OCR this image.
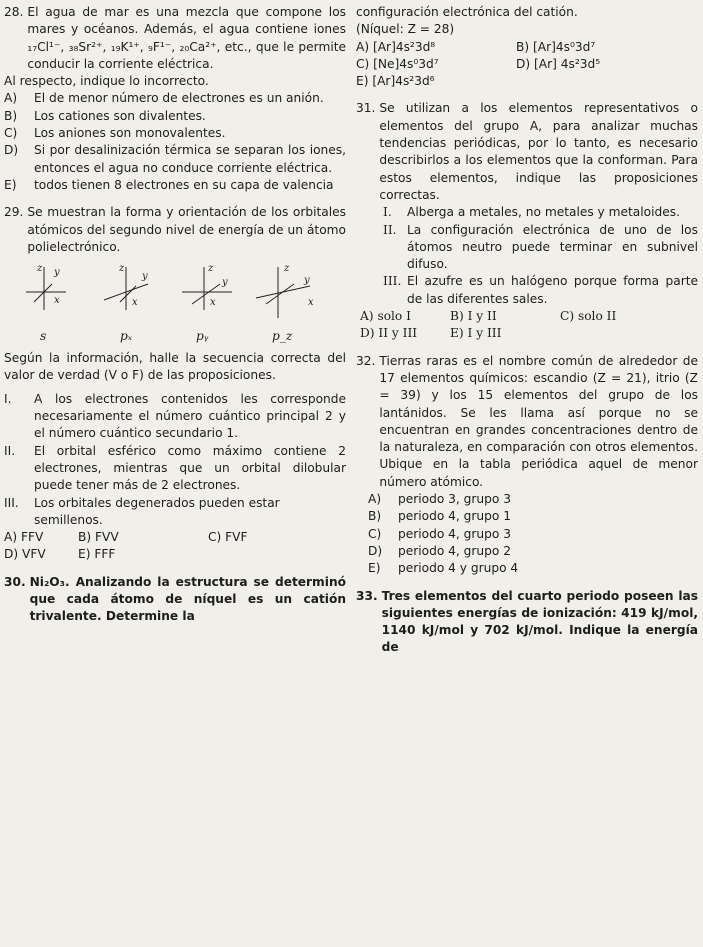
28. El agua de mar es una mezcla que compone los mares y océanos. Además, el agua contiene iones ₁₇Cl¹⁻, ₃₈Sr²⁺, ₁₉K¹⁺, ₉F¹⁻, ₂₀Ca²⁺, etc., que le permite conducir la corriente eléctrica.

Al respecto, indique lo incorrecto.

A)	El de menor número de electrones es un anión.
B)	Los cationes son divalentes.
C)	Los aniones son monovalentes.
D)	Si por desalinización térmica se separan los iones, entonces el agua no conduce corriente eléctrica.
E)	todos tienen 8 electrones en su capa de valencia
29. Se muestran la forma y orientación de los orbitales atómicos del segundo nivel de energía de un átomo polielectrónico.

z y
x
z
y
x
z
y
x
z
y
x
s	pₓ	pᵧ	p_z

Según la información, halle la secuencia correcta del valor de verdad (V o F) de las proposiciones.

I.	A los electrones contenidos les corresponde necesariamente el número cuántico principal 2 y el número cuántico secundario 1.
II.	El orbital esférico como máximo contiene 2 electrones, mientras que un orbital dilobular puede tener más de 2 electrones.
III.	Los orbitales degenerados pueden estar semillenos.
A) FFV	B) FVV	C) FVF
D) VFV	E) FFF
30. Ni₂O₃. Analizando la estructura se determinó que cada átomo de níquel es un catión trivalente. Determine la

configuración electrónica del catión.

(Níquel: Z = 28)

A) [Ar]4s²3d⁸	B) [Ar]4s⁰3d⁷
C) [Ne]4s⁰3d⁷	D) [Ar] 4s²3d⁵
E) [Ar]4s²3d⁶
31. Se utilizan a los elementos representativos o elementos del grupo A, para analizar muchas tendencias periódicas, por lo tanto, es necesario describirlos a los elementos que la conforman. Para estos elementos, indique las proposiciones correctas.

I.	Alberga a metales, no metales y metaloides.
II. La configuración electrónica de uno de los átomos neutro puede terminar en subnivel difuso.
III. El azufre es un halógeno porque forma parte de las diferentes sales.
A) solo I	B) I y II	C) solo II
D) II y III	E) I y III
32. Tierras raras es el nombre común de alrededor de 17 elementos químicos: escandio (Z = 21), itrio (Z = 39) y los 15 elementos del grupo de los lantánidos. Se les llama así porque no se encuentran en grandes concentraciones dentro de la naturaleza, en comparación con otros elementos. Ubique en la tabla periódica aquel de menor número atómico.

A)	periodo 3, grupo 3
B)	periodo 4, grupo 1
C)	periodo 4, grupo 3
D)	periodo 4, grupo 2
E)	periodo 4 y grupo 4
33. Tres elementos del cuarto periodo poseen las siguientes energías de ionización: 419 kJ/mol, 1140 kJ/mol y 702 kJ/mol. Indique la energía de
